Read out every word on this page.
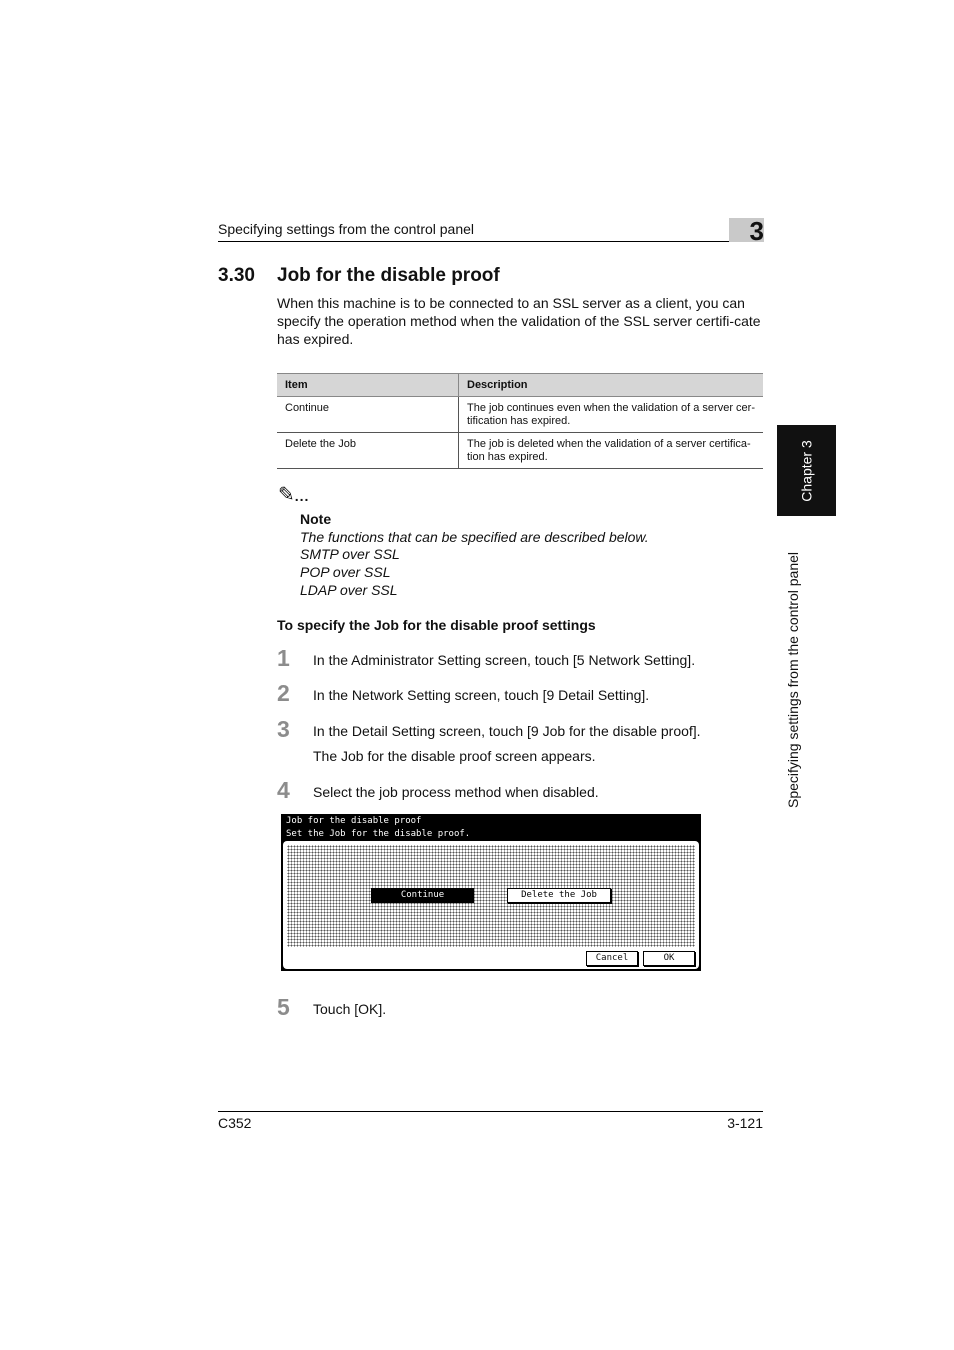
Specifying settings from the control panel	3
Chapter 3
Specifying settings from the control panel
3.30 Job for the disable proof
When this machine is to be connected to an SSL server as a client, you can specify the operation method when the validation of the SSL server certifi-cate has expired.
Item	Description
Continue	The job continues even when the validation of a server cer-tification has expired.
Delete the Job	The job is deleted when the validation of a server certifica-tion has expired.
✎...
Note
The functions that can be specified are described below.
SMTP over SSL
POP over SSL
LDAP over SSL
To specify the Job for the disable proof settings
1 In the Administrator Setting screen, touch [5 Network Setting].
2 In the Network Setting screen, touch [9 Detail Setting].
3 In the Detail Setting screen, touch [9 Job for the disable proof].
The Job for the disable proof screen appears.
4 Select the job process method when disabled.
Job for the disable proof
Set the Job for the disable proof.
Continue	Delete the Job
Cancel	OK
5 Touch [OK].
C352	3-121
